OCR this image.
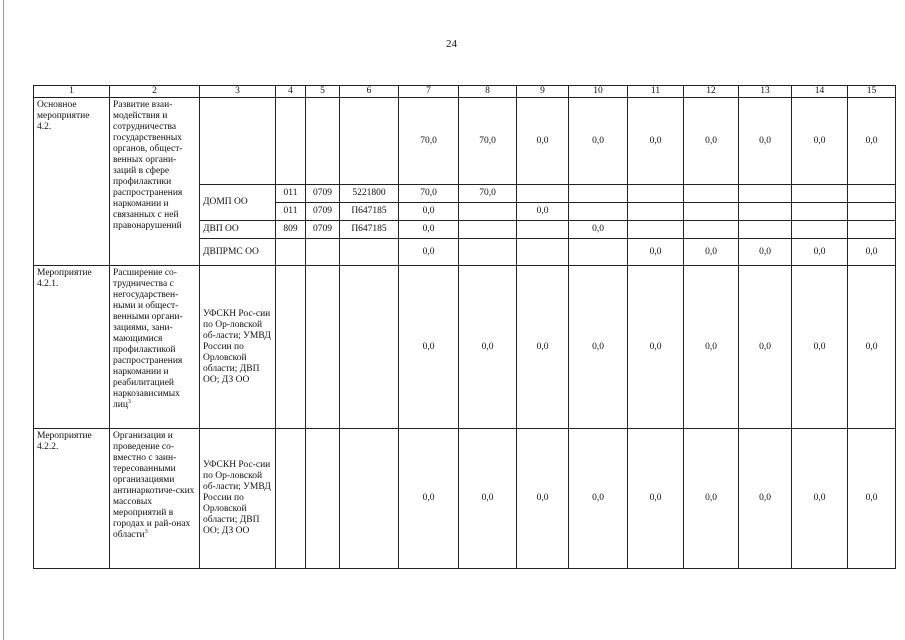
24
1	2	3	4	5	6	7	8	9	10	11	12	13	14	15
Основное мероприятие 4.2.	Развитие взаи-модействия и сотрудничества государственных органов, общест-венных органи-заций в сфере профилактики распространения наркомании и связанных с ней правонарушений					70,0	70,0	0,0	0,0	0,0	0,0	0,0	0,0	0,0
		ДОМП ОО	011	0709	5221800	70,0	70,0							
			011	0709	П647185	0,0		0,0						
		ДВП ОО	809	0709	П647185	0,0			0,0					
		ДВПРМС ОО				0,0				0,0	0,0	0,0	0,0	0,0
Мероприятие 4.2.1.	Расширение со-трудничества с негосударствен-ными и общест-венными органи-зациями, зани-мающимися профилактикой распространения наркомании и реабилитацией наркозависимых лиц$^3$	УФСКН Рос-сии по Ор-ловской об-ласти; УМВД России по Орловской области; ДВП ОО; ДЗ ОО				0,0	0,0	0,0	0,0	0,0	0,0	0,0	0,0	0,0
Мероприятие 4.2.2.	Организация и проведение со-вместно с заин-тересованными организациями антинаркотиче-ских массовых мероприятий в городах и рай-онах области$^3$	УФСКН Рос-сии по Ор-ловской об-ласти; УМВД России по Орловской области; ДВП ОО; ДЗ ОО				0,0	0,0	0,0	0,0	0,0	0,0	0,0	0,0	0,0
